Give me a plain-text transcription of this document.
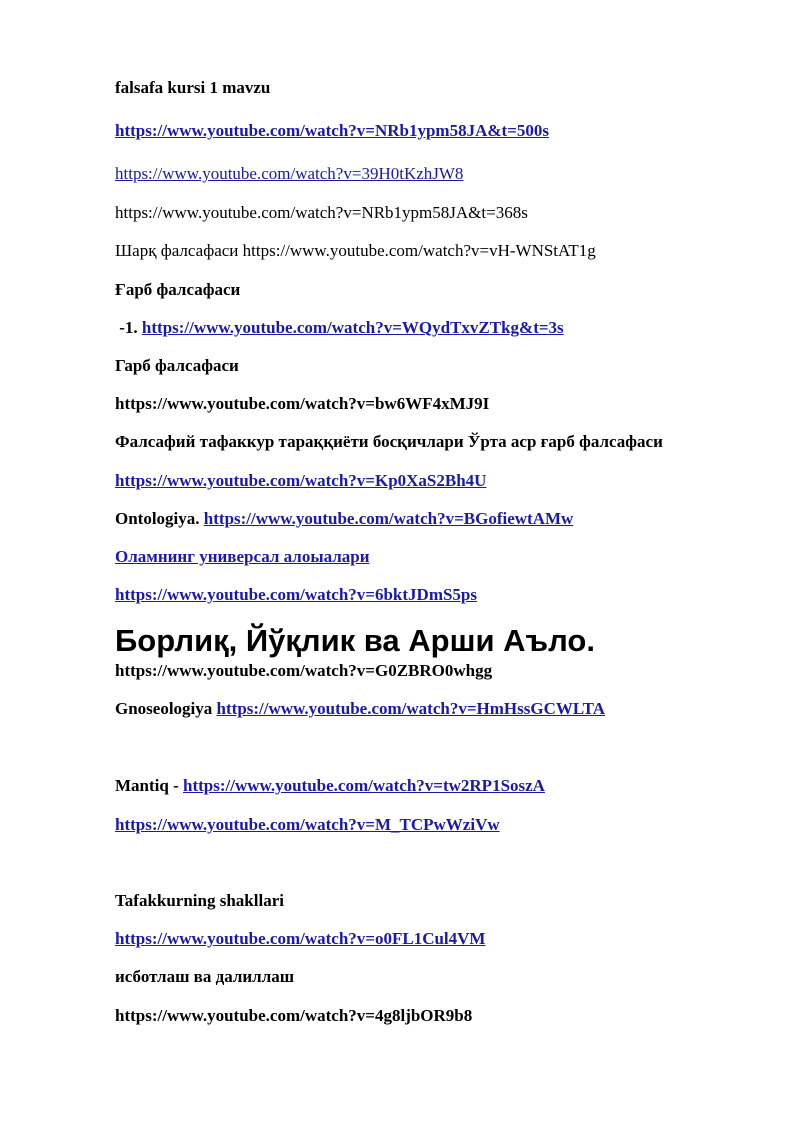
falsafa kursi 1 mavzu
https://www.youtube.com/watch?v=NRb1ypm58JA&t=500s
https://www.youtube.com/watch?v=39H0tKzhJW8
https://www.youtube.com/watch?v=NRb1ypm58JA&t=368s
Шарқ фалсафаси https://www.youtube.com/watch?v=vH-WNStAT1g
Ғарб фалсафаси
-1. https://www.youtube.com/watch?v=WQydTxvZTkg&t=3s
Гарб фалсафаси
https://www.youtube.com/watch?v=bw6WF4xMJ9I
Фалсафий тафаккур тараққиёти босқичлари Ўрта аср ғарб фалсафаси
https://www.youtube.com/watch?v=Kp0XaS2Bh4U
Ontologiya. https://www.youtube.com/watch?v=BGofiewtAMw
Оламнинг универсал алоыалари
https://www.youtube.com/watch?v=6bktJDmS5ps
Борлиқ, Йўқлик ва Арши Аъло.
https://www.youtube.com/watch?v=G0ZBRO0whgg
Gnoseologiya https://www.youtube.com/watch?v=HmHssGCWLTA
Mantiq - https://www.youtube.com/watch?v=tw2RP1SoszA
https://www.youtube.com/watch?v=M_TCPwWziVw
Tafakkurning shakllari
https://www.youtube.com/watch?v=o0FL1Cul4VM
исботлаш ва далиллаш
https://www.youtube.com/watch?v=4g8ljbOR9b8
